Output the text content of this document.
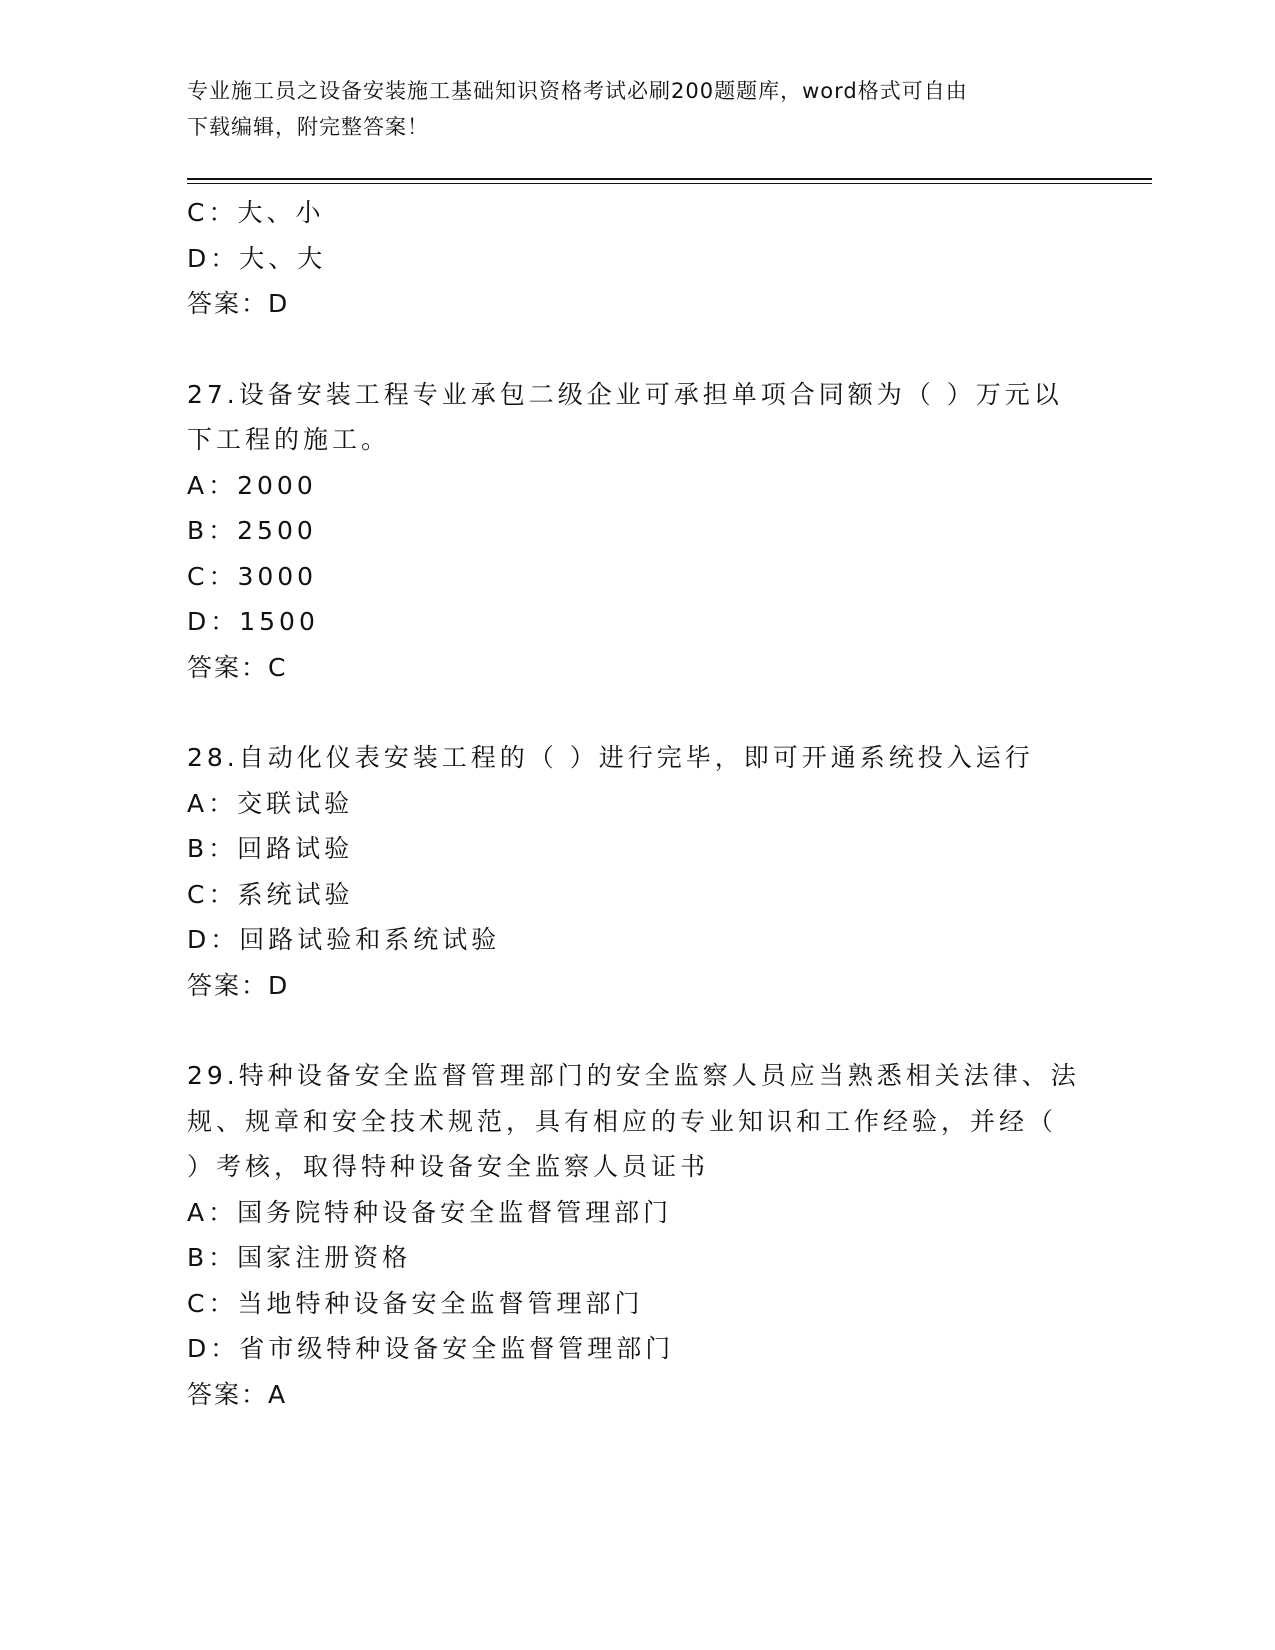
专业施工员之设备安装施工基础知识资格考试必刷200题题库，word格式可自由
下载编辑，附完整答案！
C：大、小
D：大、大
答案：D
27.设备安装工程专业承包二级企业可承担单项合同额为（ ）万元以
下工程的施工。
A：2000
B：2500
C：3000
D：1500
答案：C
28.自动化仪表安装工程的（ ）进行完毕，即可开通系统投入运行
A：交联试验
B：回路试验
C：系统试验
D：回路试验和系统试验
答案：D
29.特种设备安全监督管理部门的安全监察人员应当熟悉相关法律、法
规、规章和安全技术规范，具有相应的专业知识和工作经验，并经（
）考核，取得特种设备安全监察人员证书
A：国务院特种设备安全监督管理部门
B：国家注册资格
C：当地特种设备安全监督管理部门
D：省市级特种设备安全监督管理部门
答案：A
